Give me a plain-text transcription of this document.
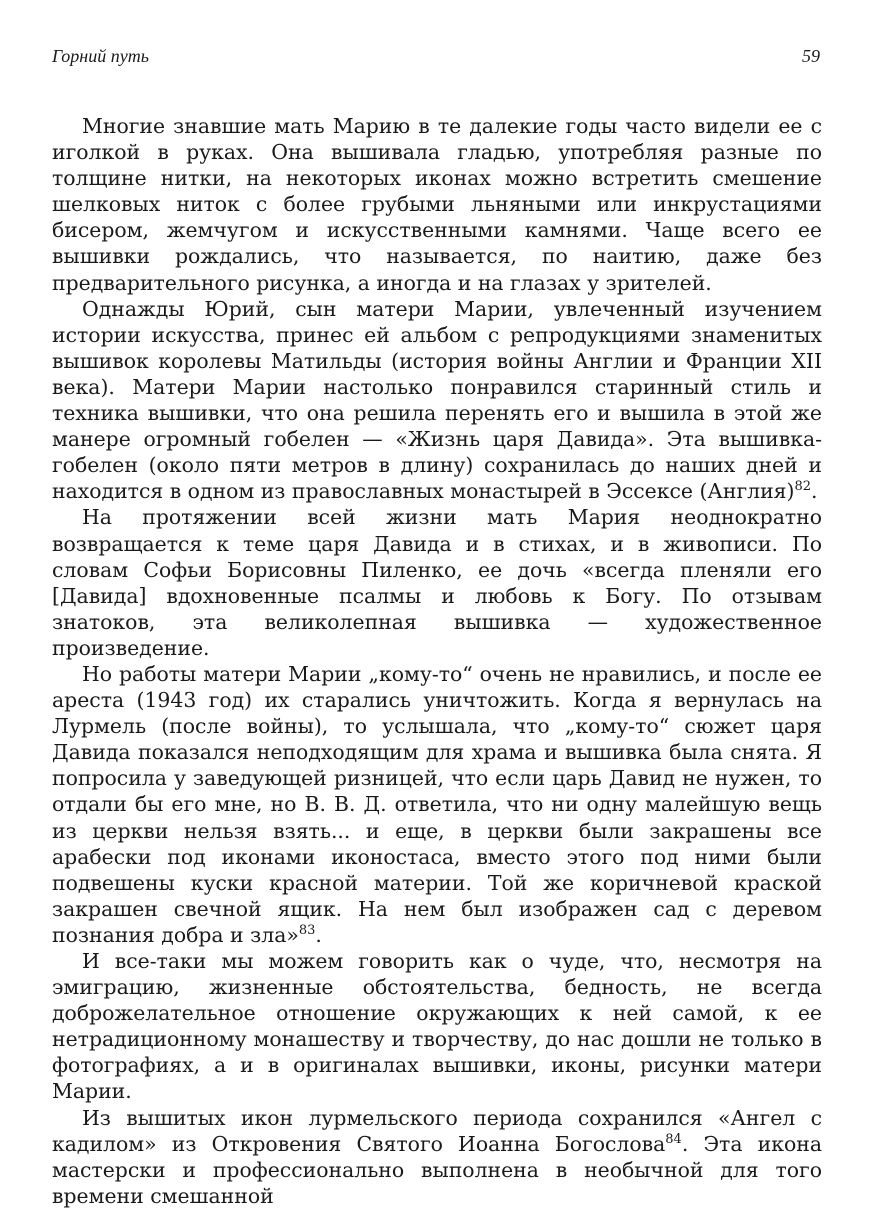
Горний путь	59

Многие знавшие мать Марию в те далекие годы часто видели ее с иголкой в руках. Она вышивала гладью, употребляя разные по толщине нитки, на некоторых иконах можно встретить смешение шелковых ниток с более грубыми льняными или инкрустациями бисером, жемчугом и искусственными камнями. Чаще всего ее вышивки рождались, что называется, по наитию, даже без предварительного рисунка, а иногда и на глазах у зрителей.

Однажды Юрий, сын матери Марии, увлеченный изучением истории искусства, принес ей альбом с репродукциями знаменитых вышивок королевы Матильды (история войны Англии и Франции XII века). Матери Марии настолько понравился старинный стиль и техника вышивки, что она решила перенять его и вышила в этой же манере огромный гобелен — «Жизнь царя Давида». Эта вышивка-гобелен (около пяти метров в длину) сохранилась до наших дней и находится в одном из православных монастырей в Эссексе (Англия)$^{82}$.

На протяжении всей жизни мать Мария неоднократно возвращается к теме царя Давида и в стихах, и в живописи. По словам Софьи Борисовны Пиленко, ее дочь «всегда пленяли его [Давида] вдохновенные псалмы и любовь к Богу. По отзывам знатоков, эта великолепная вышивка — художественное произведение.

Но работы матери Марии „кому-то“ очень не нравились, и после ее ареста (1943 год) их старались уничтожить. Когда я вернулась на Лурмель (после войны), то услышала, что „кому-то“ сюжет царя Давида показался неподходящим для храма и вышивка была снята. Я попросила у заведующей ризницей, что если царь Давид не нужен, то отдали бы его мне, но В. В. Д. ответила, что ни одну малейшую вещь из церкви нельзя взять... и еще, в церкви были закрашены все арабески под иконами иконостаса, вместо этого под ними были подвешены куски красной материи. Той же коричневой краской закрашен свечной ящик. На нем был изображен сад с деревом познания добра и зла»$^{83}$.

И все-таки мы можем говорить как о чуде, что, несмотря на эмиграцию, жизненные обстоятельства, бедность, не всегда доброжелательное отношение окружающих к ней самой, к ее нетрадиционному монашеству и творчеству, до нас дошли не только в фотографиях, а и в оригиналах вышивки, иконы, рисунки матери Марии.

Из вышитых икон лурмельского периода сохранился «Ангел с кадилом» из Откровения Святого Иоанна Богослова$^{84}$. Эта икона мастерски и профессионально выполнена в необычной для того времени смешанной
